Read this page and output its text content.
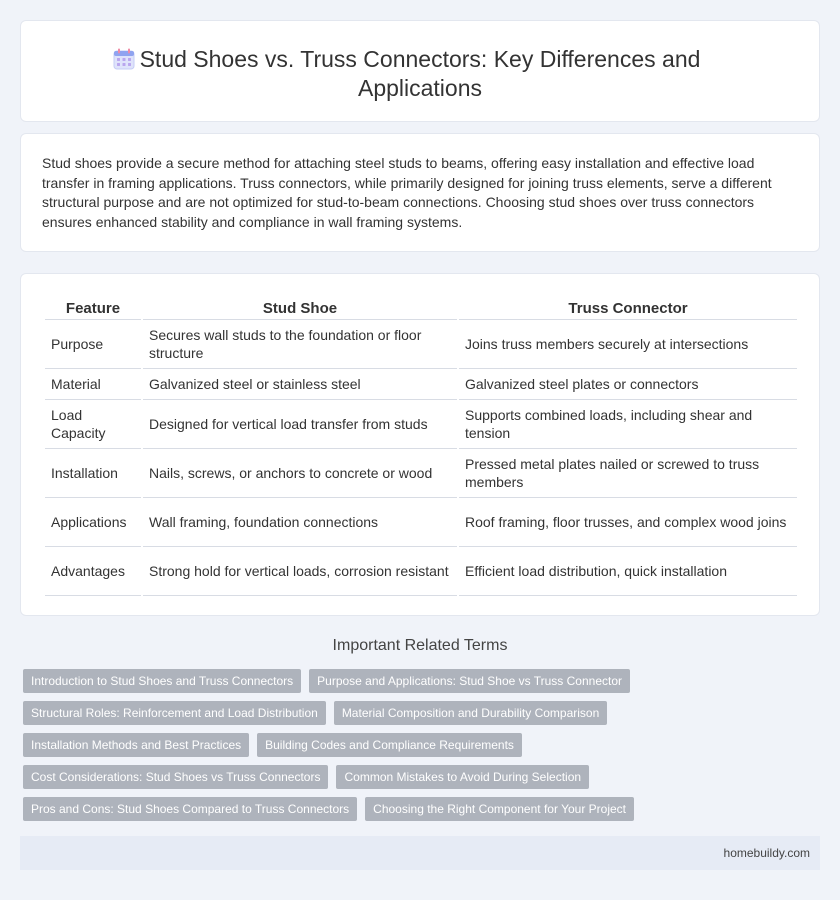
Stud Shoes vs. Truss Connectors: Key Differences and Applications

Stud shoes provide a secure method for attaching steel studs to beams, offering easy installation and effective load transfer in framing applications. Truss connectors, while primarily designed for joining truss elements, serve a different structural purpose and are not optimized for stud-to-beam connections. Choosing stud shoes over truss connectors ensures enhanced stability and compliance in wall framing systems.

Feature	Stud Shoe	Truss Connector
Purpose	Secures wall studs to the foundation or floor structure	Joins truss members securely at intersections
Material	Galvanized steel or stainless steel	Galvanized steel plates or connectors
Load Capacity	Designed for vertical load transfer from studs	Supports combined loads, including shear and tension
Installation	Nails, screws, or anchors to concrete or wood	Pressed metal plates nailed or screwed to truss members
Applications	Wall framing, foundation connections	Roof framing, floor trusses, and complex wood joins
Advantages	Strong hold for vertical loads, corrosion resistant	Efficient load distribution, quick installation
Important Related Terms
Introduction to Stud Shoes and Truss Connectors	Purpose and Applications: Stud Shoe vs Truss Connector
Structural Roles: Reinforcement and Load Distribution	Material Composition and Durability Comparison
Installation Methods and Best Practices	Building Codes and Compliance Requirements
Cost Considerations: Stud Shoes vs Truss Connectors	Common Mistakes to Avoid During Selection
Pros and Cons: Stud Shoes Compared to Truss Connectors	Choosing the Right Component for Your Project
homebuildy.com
